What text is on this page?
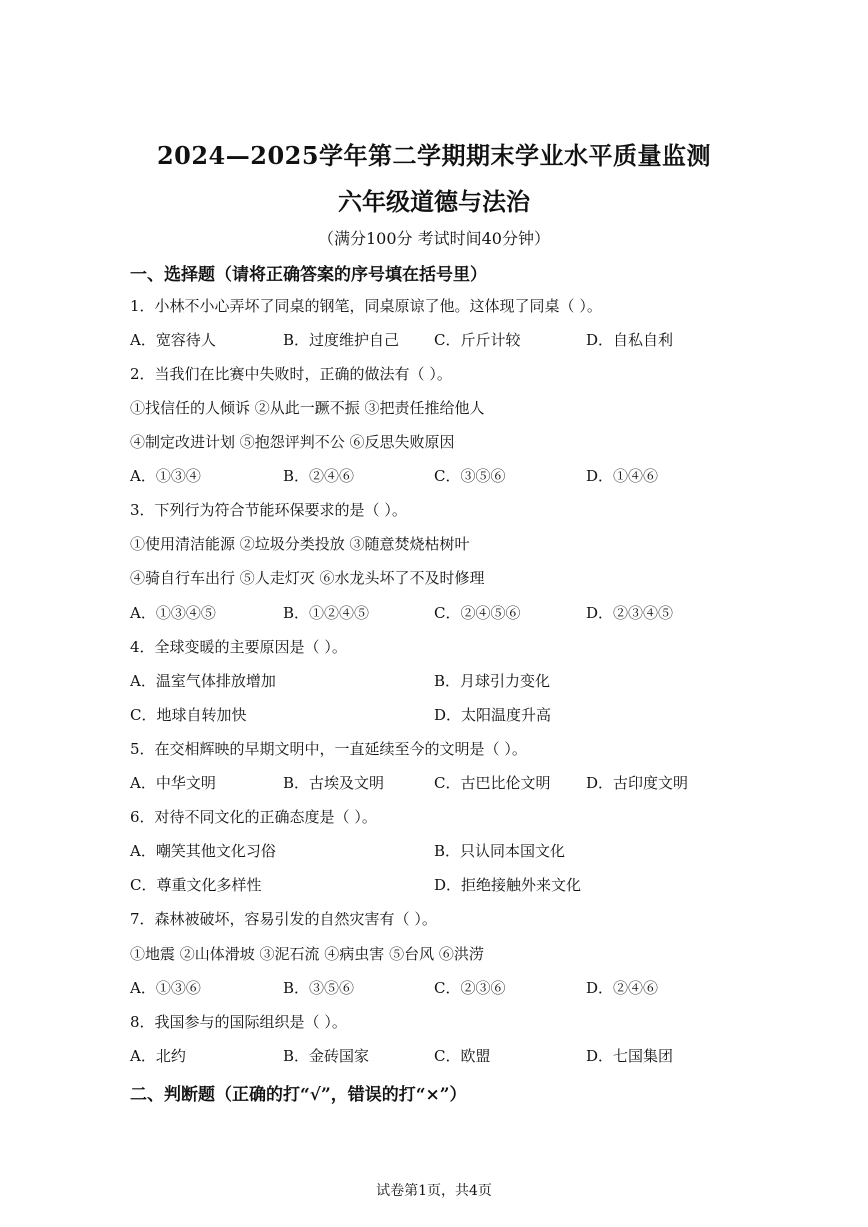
2024—2025学年第二学期期末学业水平质量监测
六年级道德与法治
（满分100分 考试时间40分钟）
一、选择题（请将正确答案的序号填在括号里）
1．小林不小心弄坏了同桌的钢笔，同桌原谅了他。这体现了同桌（ ）。
A．宽容待人	B．过度维护自己 C．斤斤计较	D．自私自利
2．当我们在比赛中失败时，正确的做法有（ ）。
①找信任的人倾诉 ②从此一蹶不振 ③把责任推给他人
④制定改进计划 ⑤抱怨评判不公 ⑥反思失败原因
A．①③④	B．②④⑥	C．③⑤⑥	D．①④⑥
3．下列行为符合节能环保要求的是（ ）。
①使用清洁能源 ②垃圾分类投放 ③随意焚烧枯树叶
④骑自行车出行 ⑤人走灯灭 ⑥水龙头坏了不及时修理
A．①③④⑤	B．①②④⑤	C．②④⑤⑥	D．②③④⑤
4．全球变暖的主要原因是（ ）。
A．温室气体排放增加	B．月球引力变化
C．地球自转加快	D．太阳温度升高
5．在交相辉映的早期文明中，一直延续至今的文明是（ ）。
A．中华文明	B．古埃及文明	C．古巴比伦文明 D．古印度文明
6．对待不同文化的正确态度是（ ）。
A．嘲笑其他文化习俗	B．只认同本国文化
C．尊重文化多样性	D．拒绝接触外来文化
7．森林被破坏，容易引发的自然灾害有（ ）。
①地震 ②山体滑坡 ③泥石流 ④病虫害 ⑤台风 ⑥洪涝
A．①③⑥	B．③⑤⑥	C．②③⑥	D．②④⑥
8．我国参与的国际组织是（ ）。
A．北约	B．金砖国家	C．欧盟	D．七国集团
二、判断题（正确的打“√”，错误的打“×”）
试卷第1页，共4页
